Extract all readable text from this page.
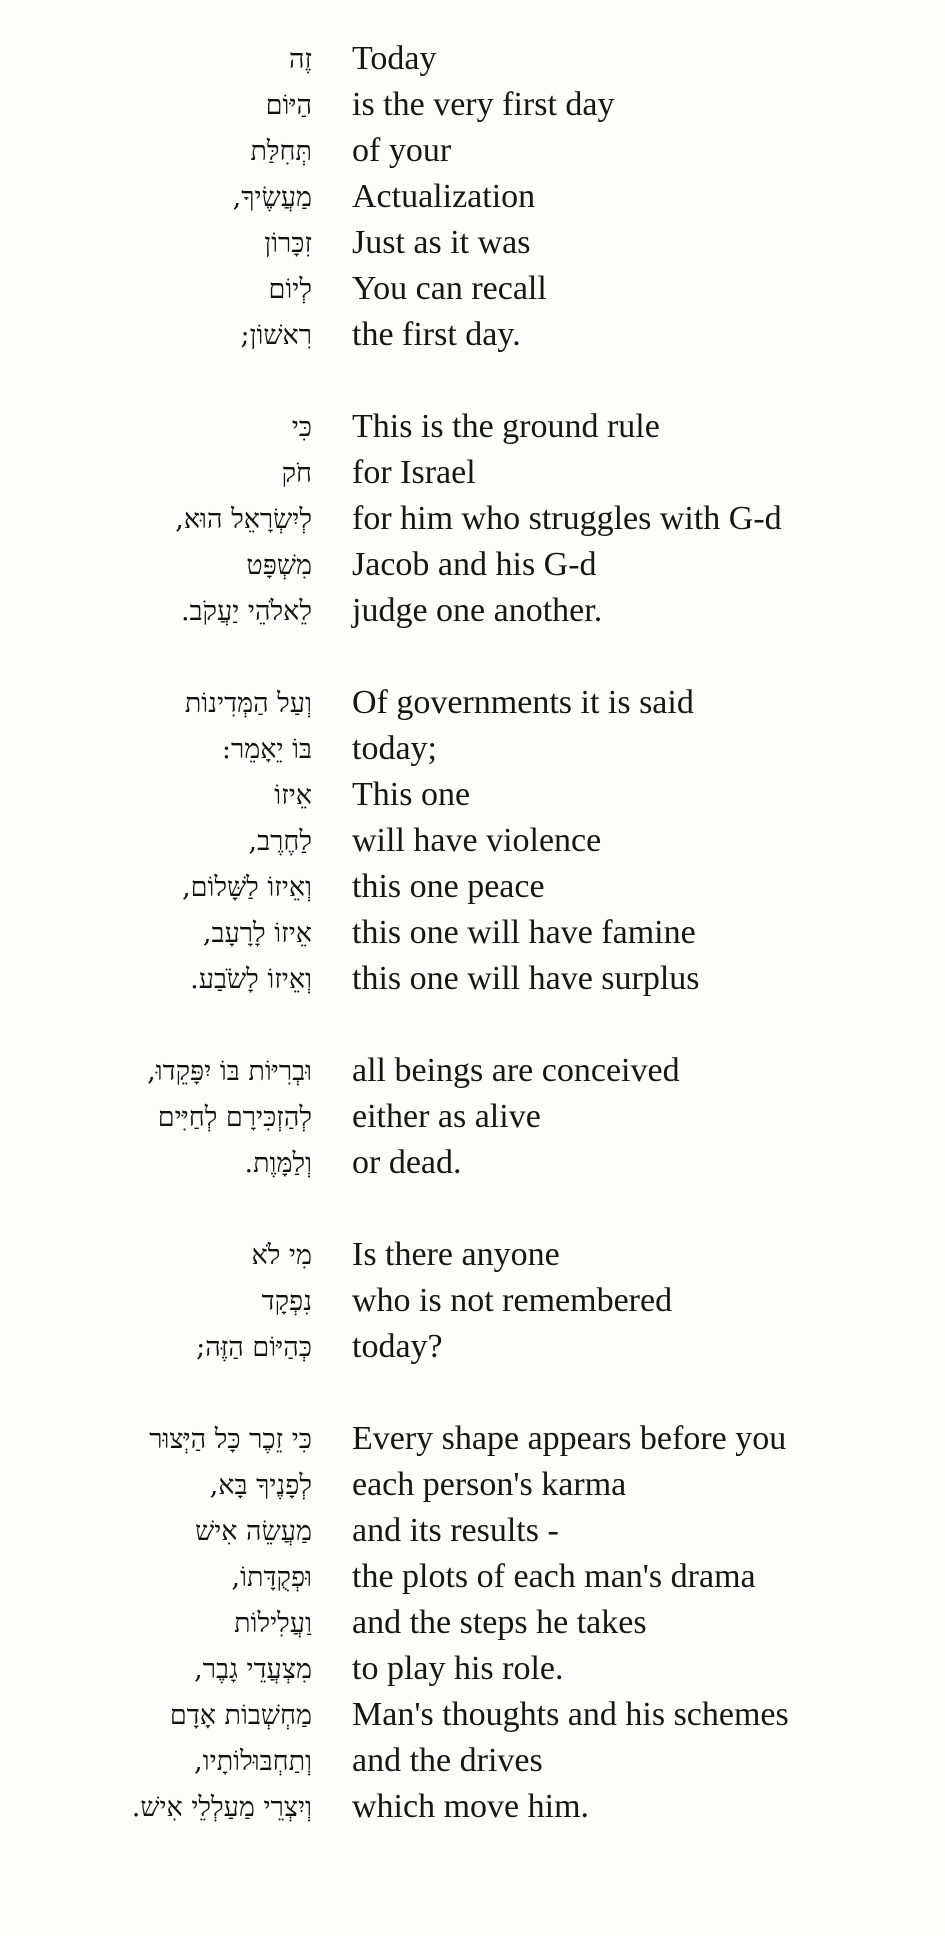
זֶה Today
הַיּוֹם is the very first day
תְּחִלַּת of your
מַעֲשֶׂיךָ, Actualization
זִכָּרוֹן Just as it was
לְיוֹם You can recall
רִאשׁוֹן; the first day.
כִּי This is the ground rule
חֹק for Israel
לְיִשְׂרָאֵל הוּא, for him who struggles with G-d
מִשְׁפָּט Jacob and his G-d
לֵאלֹהֵי יַעֲקֹב. judge one another.
וְעַל הַמְּדִינוֹת Of governments it is said
בּוֹ יֵאָמֵר: today;
אֵיזוֹ This one
לַחֶרֶב, will have violence
וְאֵיזוֹ לַשָּׁלוֹם, this one peace
אֵיזוֹ לָרָעָב, this one will have famine
וְאֵיזוֹ לָשֹׂבַע. this one will have surplus
וּבְרִיּוֹת בּוֹ יִפָּקֵדוּ, all beings are conceived
לְהַזְכִּירָם לְחַיִּים either as alive
וְלַמָּוֶת. or dead.
מִי לֹא Is there anyone
נִפְקָד who is not remembered
כְּהַיּוֹם הַזֶּה; today?
כִּי זֵכֶר כָּל הַיְּצוּר Every shape appears before you
לְפָנֶיךָ בָּא, each person's karma
מַעֲשֵׂה אִישׁ and its results -
וּפְקֻדָּתוֹ, the plots of each man's drama
וַעֲלִילוֹת and the steps he takes
מִצְעֲדֵי גָבֶר, to play his role.
מַחְשְׁבוֹת אָדָם Man's thoughts and his schemes
וְתַחְבּוּלוֹתָיו, and the drives
וְיִצְרֵי מַעַלְלֵי אִישׁ. which move him.
